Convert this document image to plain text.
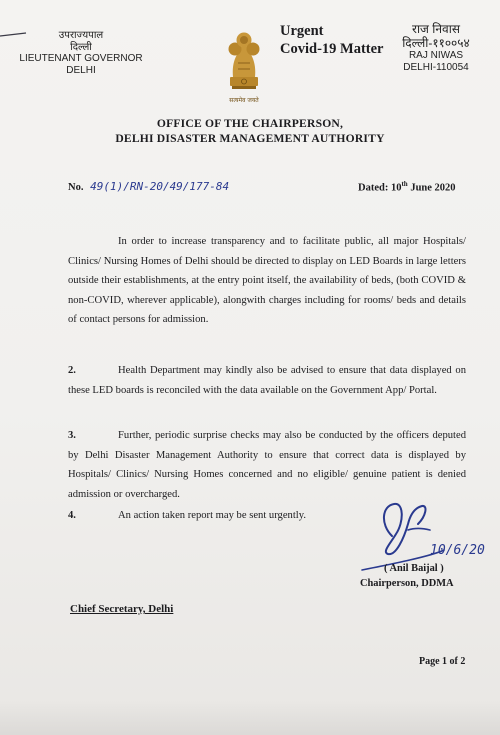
उपराज्यपाल
दिल्ली
LIEUTENANT GOVERNOR
DELHI
सत्यमेव जयते
Urgent
Covid-19 Matter
राज निवास
दिल्ली-११००५४
RAJ NIWAS
DELHI-110054
OFFICE OF THE CHAIRPERSON,
DELHI DISASTER MANAGEMENT AUTHORITY
No. 49(1)/RN-20/49/177-84	Dated: 10th June 2020
In order to increase transparency and to facilitate public, all major Hospitals/ Clinics/ Nursing Homes of Delhi should be directed to display on LED Boards in large letters outside their establishments, at the entry point itself, the availability of beds, (both COVID & non-COVID, wherever applicable), alongwith charges including for rooms/ beds and details of contact persons for admission.
2.	Health Department may kindly also be advised to ensure that data displayed on these LED boards is reconciled with the data available on the Government App/ Portal.
3.	Further, periodic surprise checks may also be conducted by the officers deputed by Delhi Disaster Management Authority to ensure that correct data is displayed by Hospitals/ Clinics/ Nursing Homes concerned and no eligible/ genuine patient is denied admission or overcharged.
4.	An action taken report may be sent urgently.
10/6/20
( Anil Baijal )
Chairperson, DDMA
Chief Secretary, Delhi
Page 1 of 2
